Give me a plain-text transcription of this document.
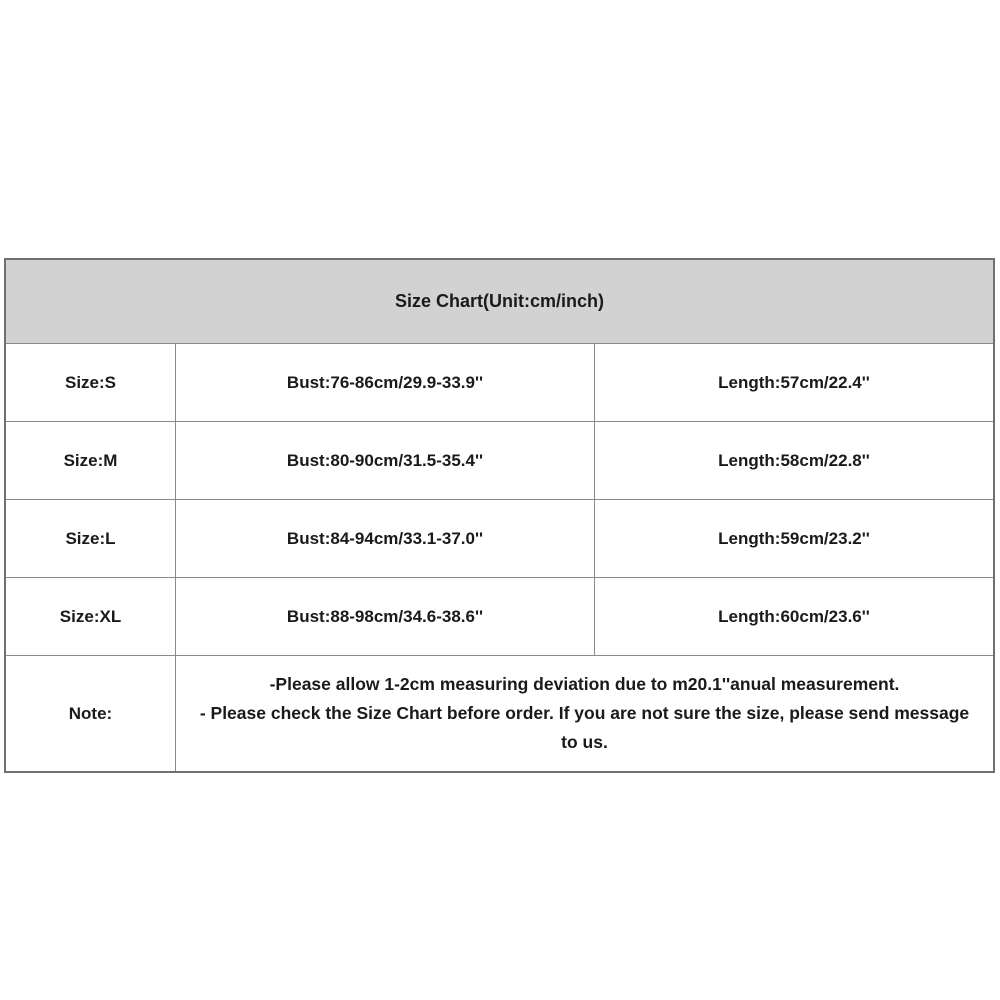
Size Chart(Unit:cm/inch)
Size:S	Bust:76-86cm/29.9-33.9''	Length:57cm/22.4''
Size:M	Bust:80-90cm/31.5-35.4''	Length:58cm/22.8''
Size:L	Bust:84-94cm/33.1-37.0''	Length:59cm/23.2''
Size:XL	Bust:88-98cm/34.6-38.6''	Length:60cm/23.6''
Note:
-Please allow 1-2cm measuring deviation due to m20.1''anual measurement.
- Please check the Size Chart before order. If you are not sure the size, please send message to us.
